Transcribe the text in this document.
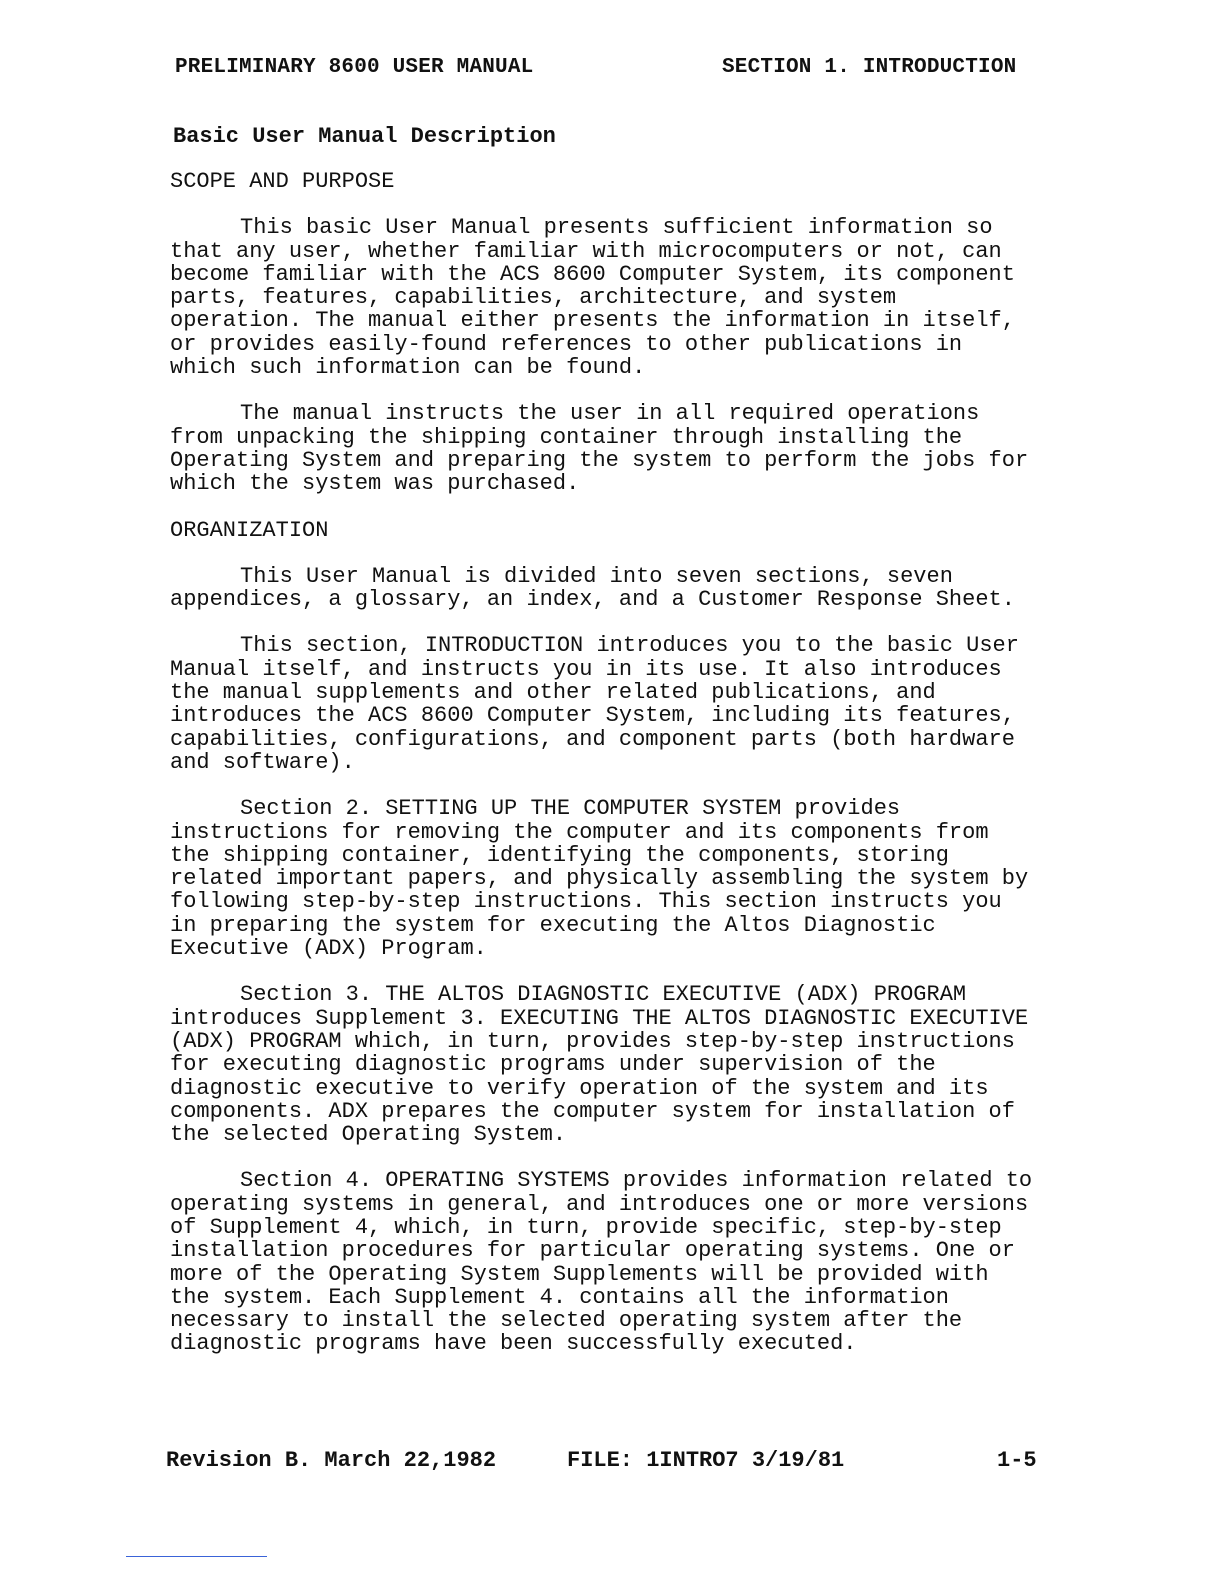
PRELIMINARY 8600 USER MANUAL	SECTION 1. INTRODUCTION
Basic User Manual Description
SCOPE AND PURPOSE
This basic User Manual presents sufficient information so
that any user, whether familiar with microcomputers or not, can
become familiar with the ACS 8600 Computer System, its component
parts, features, capabilities, architecture, and system
operation. The manual either presents the information in itself,
or provides easily-found references to other publications in
which such information can be found.
The manual instructs the user in all required operations
from unpacking the shipping container through installing the
Operating System and preparing the system to perform the jobs for
which the system was purchased.
ORGANIZATION
This User Manual is divided into seven sections, seven
appendices, a glossary, an index, and a Customer Response Sheet.
This section, INTRODUCTION introduces you to the basic User
Manual itself, and instructs you in its use. It also introduces
the manual supplements and other related publications, and
introduces the ACS 8600 Computer System, including its features,
capabilities, configurations, and component parts (both hardware
and software).
Section 2. SETTING UP THE COMPUTER SYSTEM provides
instructions for removing the computer and its components from
the shipping container, identifying the components, storing
related important papers, and physically assembling the system by
following step-by-step instructions. This section instructs you
in preparing the system for executing the Altos Diagnostic
Executive (ADX) Program.
Section 3. THE ALTOS DIAGNOSTIC EXECUTIVE (ADX) PROGRAM
introduces Supplement 3. EXECUTING THE ALTOS DIAGNOSTIC EXECUTIVE
(ADX) PROGRAM which, in turn, provides step-by-step instructions
for executing diagnostic programs under supervision of the
diagnostic executive to verify operation of the system and its
components. ADX prepares the computer system for installation of
the selected Operating System.
Section 4. OPERATING SYSTEMS provides information related to
operating systems in general, and introduces one or more versions
of Supplement 4, which, in turn, provide specific, step-by-step
installation procedures for particular operating systems. One or
more of the Operating System Supplements will be provided with
the system. Each Supplement 4. contains all the information
necessary to install the selected operating system after the
diagnostic programs have been successfully executed.
Revision B. March 22,1982	FILE: 1INTRO7 3/19/81	1-5
